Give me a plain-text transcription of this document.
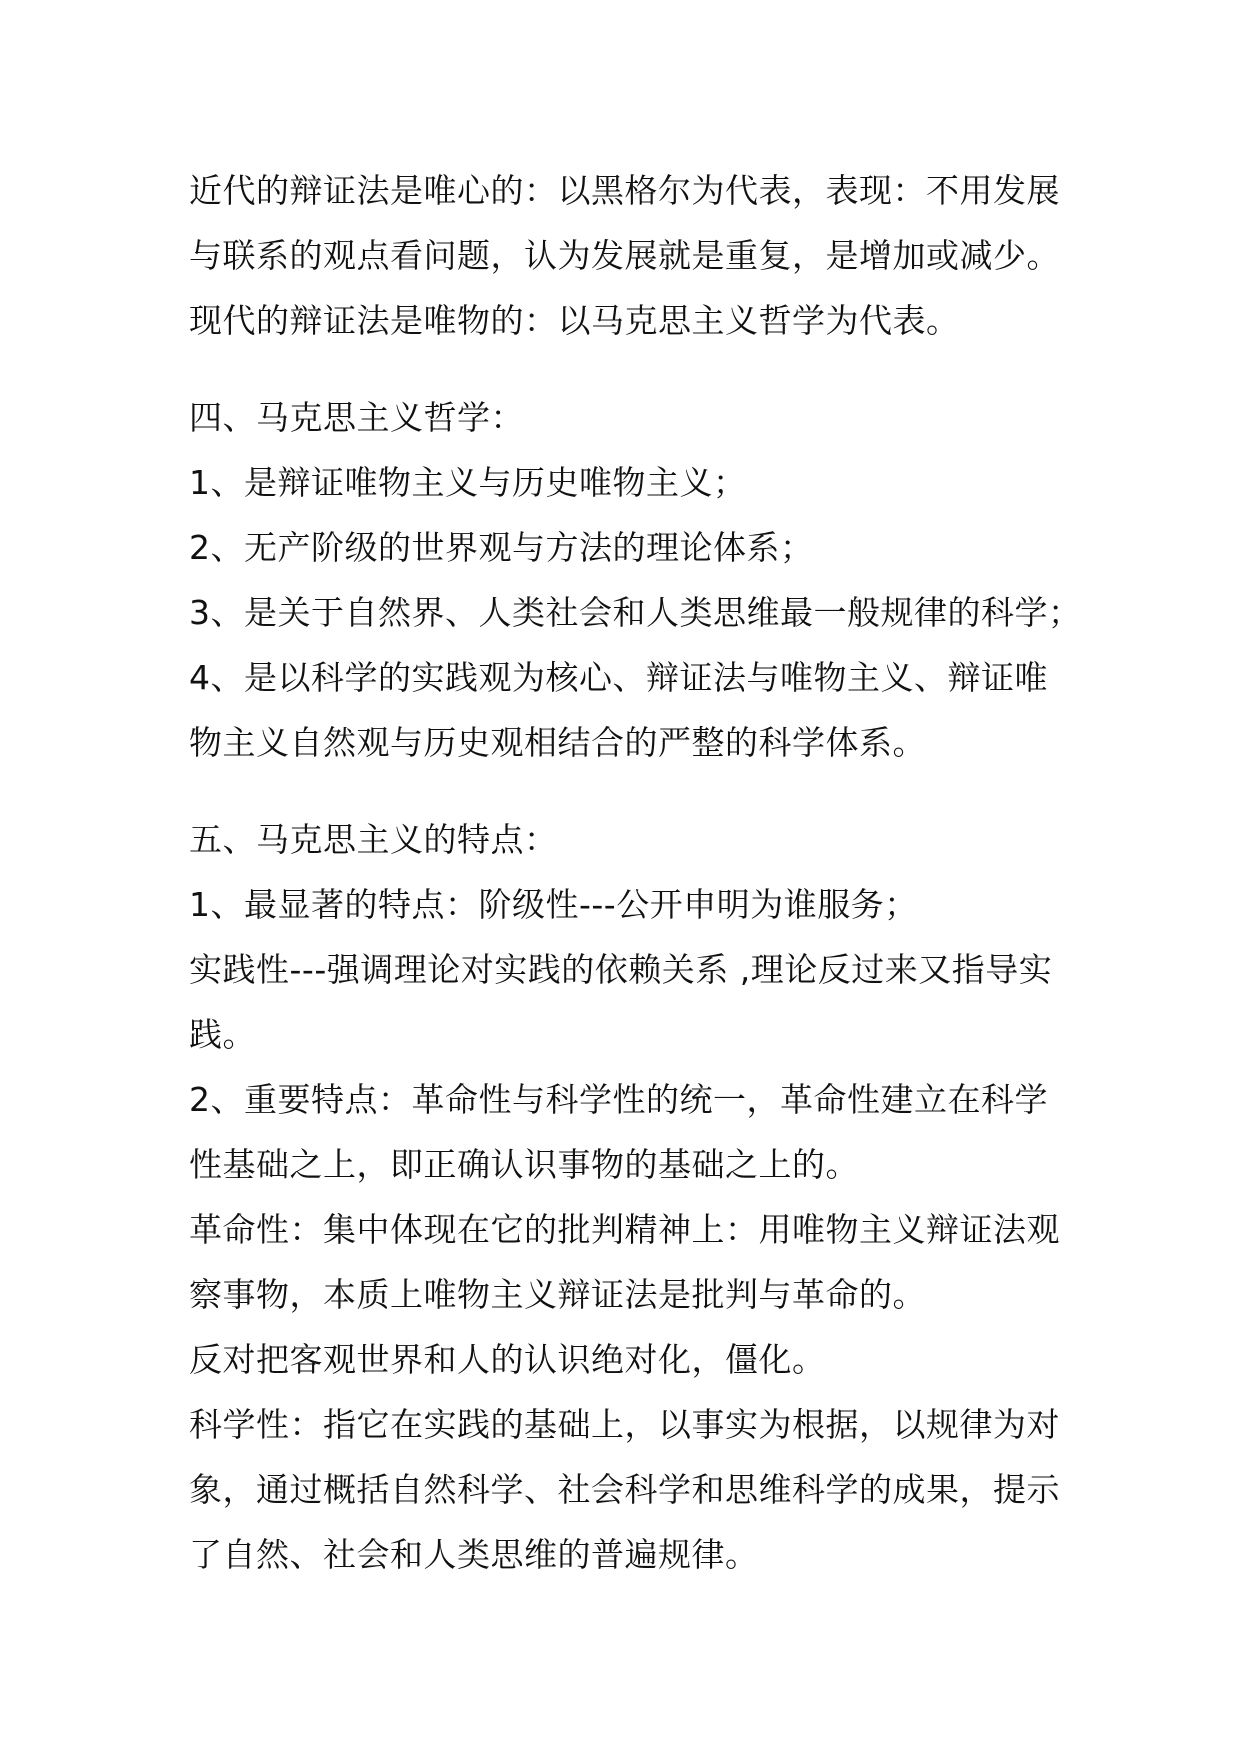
近代的辩证法是唯心的：以黑格尔为代表，表现：不用发展
与联系的观点看问题，认为发展就是重复，是增加或减少。
现代的辩证法是唯物的：以马克思主义哲学为代表。
四、马克思主义哲学：
1、是辩证唯物主义与历史唯物主义；
2、无产阶级的世界观与方法的理论体系；
3、是关于自然界、人类社会和人类思维最一般规律的科学；
4、是以科学的实践观为核心、辩证法与唯物主义、辩证唯
物主义自然观与历史观相结合的严整的科学体系。
五、马克思主义的特点：
1、最显著的特点：阶级性---公开申明为谁服务；
实践性---强调理论对实践的依赖关系 ,理论反过来又指导实
践。
2、重要特点：革命性与科学性的统一，革命性建立在科学
性基础之上，即正确认识事物的基础之上的。
革命性：集中体现在它的批判精神上：用唯物主义辩证法观
察事物，本质上唯物主义辩证法是批判与革命的。
反对把客观世界和人的认识绝对化，僵化。
科学性：指它在实践的基础上，以事实为根据，以规律为对
象，通过概括自然科学、社会科学和思维科学的成果，提示
了自然、社会和人类思维的普遍规律。
